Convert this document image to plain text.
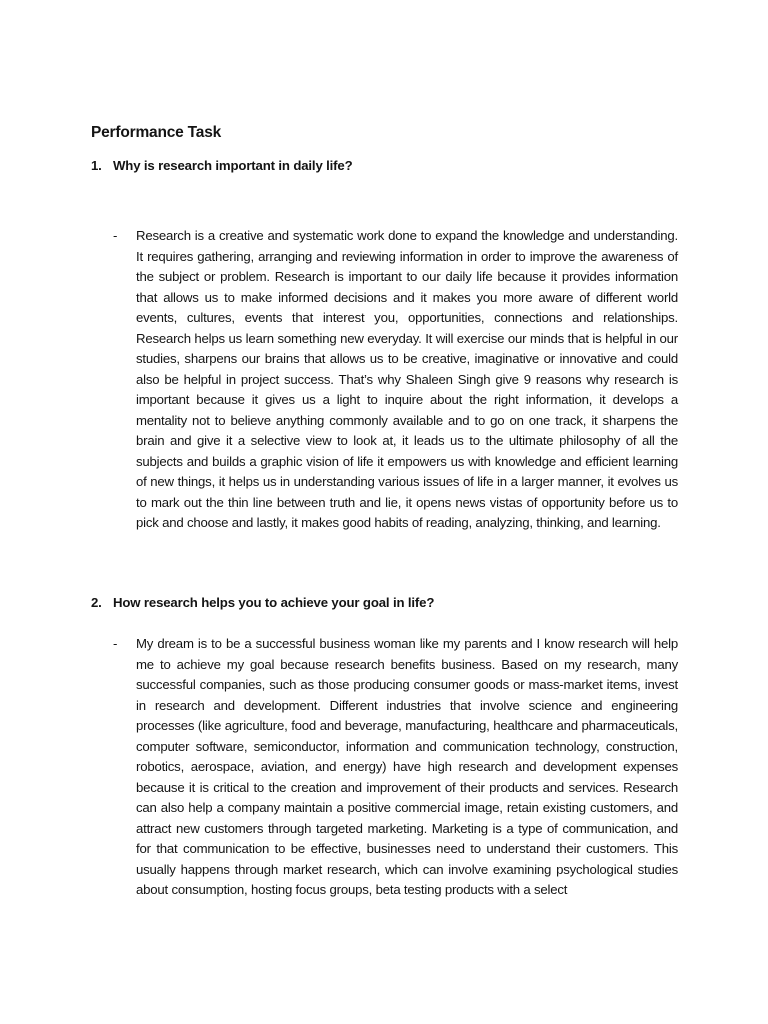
Performance Task
1. Why is research important in daily life?
-	Research is a creative and systematic work done to expand the knowledge and understanding. It requires gathering, arranging and reviewing information in order to improve the awareness of the subject or problem. Research is important to our daily life because it provides information that allows us to make informed decisions and it makes you more aware of different world events, cultures, events that interest you, opportunities, connections and relationships. Research helps us learn something new everyday. It will exercise our minds that is helpful in our studies, sharpens our brains that allows us to be creative, imaginative or innovative and could also be helpful in project success. That’s why Shaleen Singh give 9 reasons why research is important because it gives us a light to inquire about the right information, it develops a mentality not to believe anything commonly available and to go on one track, it sharpens the brain and give it a selective view to look at, it leads us to the ultimate philosophy of all the subjects and builds a graphic vision of life it empowers us with knowledge and efficient learning of new things, it helps us in understanding various issues of life in a larger manner, it evolves us to mark out the thin line between truth and lie, it opens news vistas of opportunity before us to pick and choose and lastly, it makes good habits of reading, analyzing, thinking, and learning.
2. How research helps you to achieve your goal in life?
-	My dream is to be a successful business woman like my parents and I know research will help me to achieve my goal because research benefits business. Based on my research, many successful companies, such as those producing consumer goods or mass-market items, invest in research and development. Different industries that involve science and engineering processes (like agriculture, food and beverage, manufacturing, healthcare and pharmaceuticals, computer software, semiconductor, information and communication technology, construction, robotics, aerospace, aviation, and energy) have high research and development expenses because it is critical to the creation and improvement of their products and services. Research can also help a company maintain a positive commercial image, retain existing customers, and attract new customers through targeted marketing. Marketing is a type of communication, and for that communication to be effective, businesses need to understand their customers. This usually happens through market research, which can involve examining psychological studies about consumption, hosting focus groups, beta testing products with a select
